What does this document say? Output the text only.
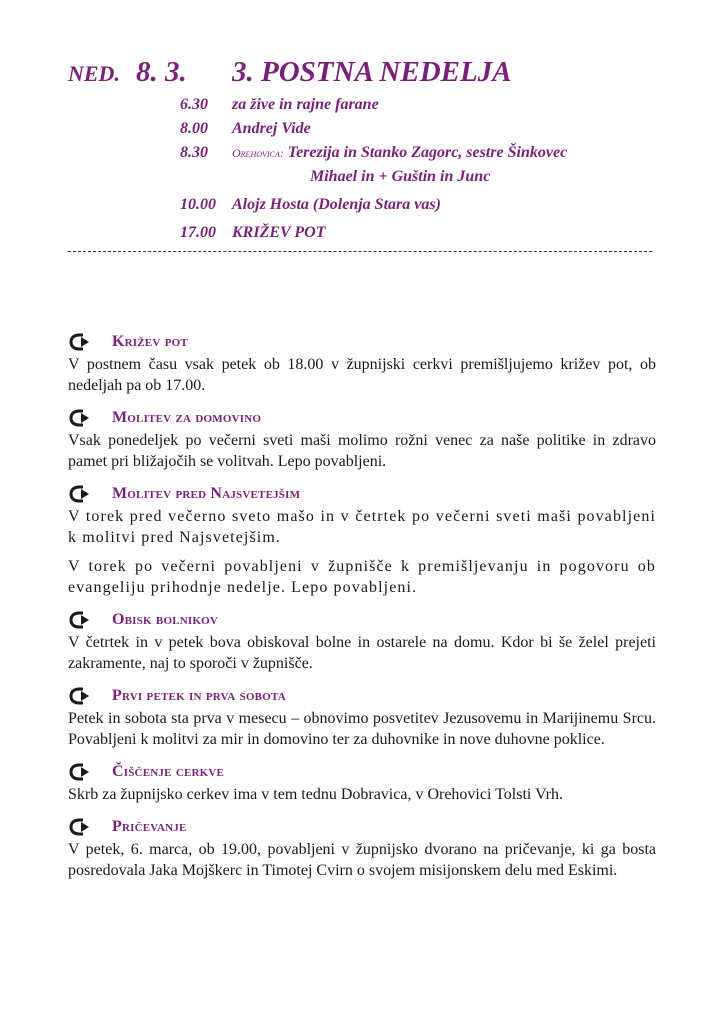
NED. 8. 3.	3. POSTNA NEDELJA
6.30	za žive in rajne farane
8.00	Andrej Vide
8.30	Orehovica: Terezija in Stanko Zagorc, sestre Šinkovec
Mihael in + Guštin in Junc
10.00	Alojz Hosta (Dolenja Stara vas)
17.00	KRIŽEV POT
Križev pot

V postnem času vsak petek ob 18.00 v župnijski cerkvi premišljujemo križev pot, ob nedeljah pa ob 17.00.

Molitev za domovino

Vsak ponedeljek po večerni sveti maši molimo rožni venec za naše politike in zdravo pamet pri bližajočih se volitvah. Lepo povabljeni.

Molitev pred Najsvetejšim

V torek pred večerno sveto mašo in v četrtek po večerni sveti maši povabljeni k molitvi pred Najsvetejšim.

V torek po večerni povabljeni v župnišče k premišljevanju in pogovoru ob evangeliju prihodnje nedelje. Lepo povabljeni.

Obisk bolnikov

V četrtek in v petek bova obiskoval bolne in ostarele na domu. Kdor bi še želel prejeti zakramente, naj to sporoči v župnišče.

Prvi petek in prva sobota

Petek in sobota sta prva v mesecu – obnovimo posvetitev Jezusovemu in Marijinemu Srcu. Povabljeni k molitvi za mir in domovino ter za duhovnike in nove duhovne poklice.

Čiščenje cerkve

Skrb za župnijsko cerkev ima v tem tednu Dobravica, v Orehovici Tolsti Vrh.

Pričevanje

V petek, 6. marca, ob 19.00, povabljeni v župnijsko dvorano na pričevanje, ki ga bosta posredovala Jaka Mojškerc in Timotej Cvirn o svojem misijonskem delu med Eskimi.
